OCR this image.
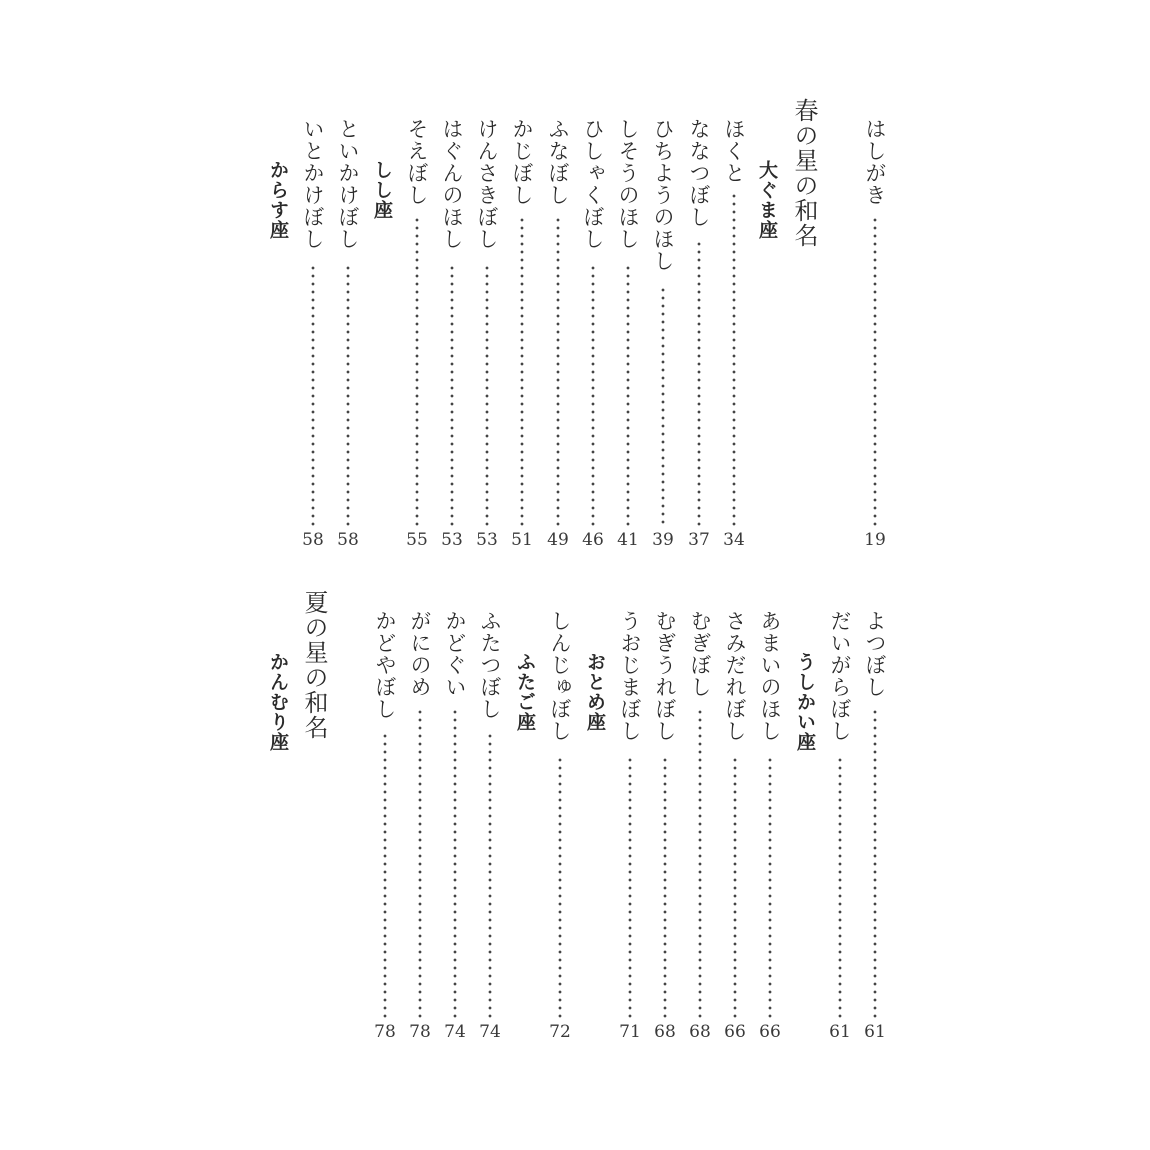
はしがき
19
春の星の和名
大ぐま座
ほくと
34
ななつぼし
37
ひちようのほし
39
しそうのほし
41
ひしゃくぼし
46
ふなぼし
49
かじぼし
51
けんさきぼし
53
はぐんのほし
53
そえぼし
55
しし座
といかけぼし
58
いとかけぼし
58
からす座
よつぼし
61
だいがらぼし
61
うしかい座
あまいのほし
66
さみだれぼし
66
むぎぼし
68
むぎうれぼし
68
うおじまぼし
71
おとめ座
しんじゅぼし
72
ふたご座
ふたつぼし
74
かどぐい
74
がにのめ
78
かどやぼし
78
夏の星の和名
かんむり座
